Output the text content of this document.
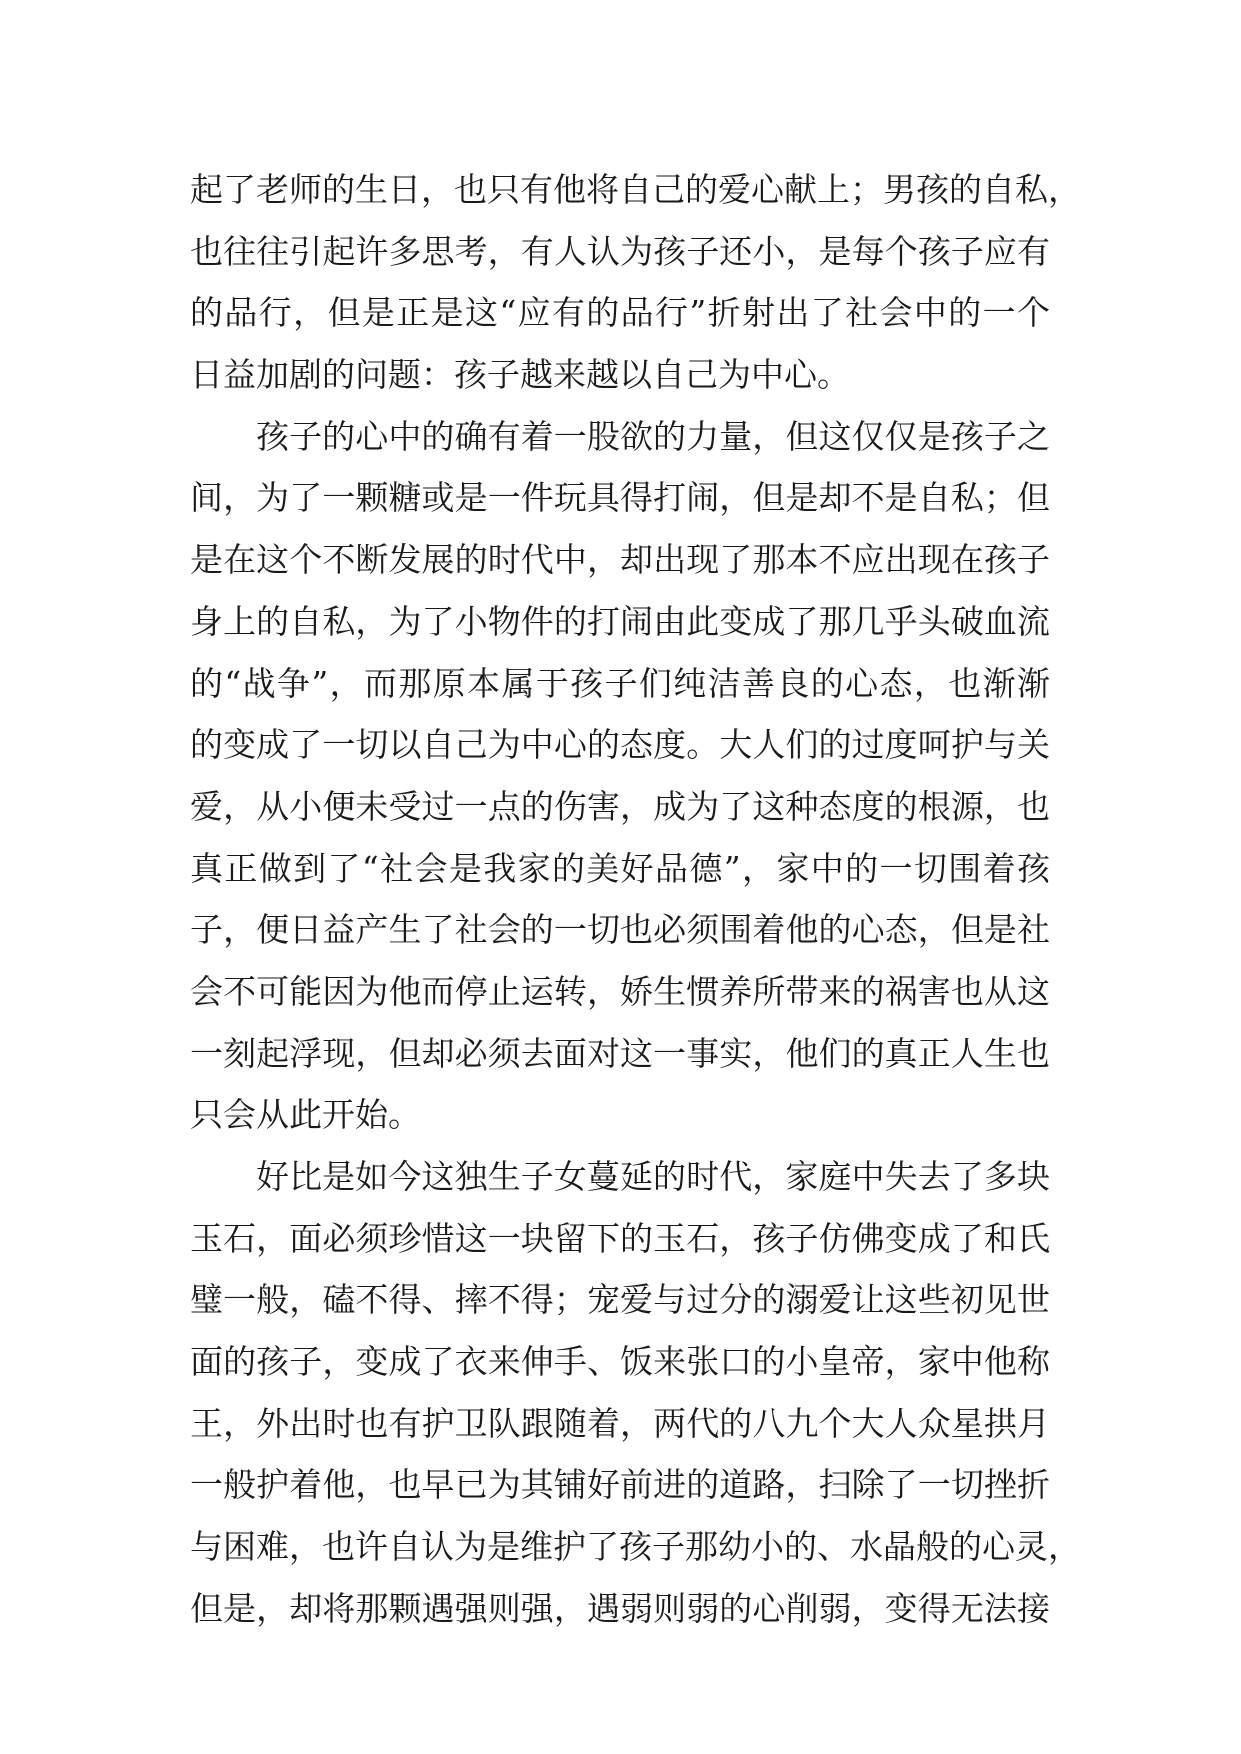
起了老师的生日，也只有他将自己的爱心献上；男孩的自私，
也往往引起许多思考，有人认为孩子还小，是每个孩子应有
的品行，但是正是这“应有的品行”折射出了社会中的一个
日益加剧的问题：孩子越来越以自己为中心。
孩子的心中的确有着一股欲的力量，但这仅仅是孩子之
间，为了一颗糖或是一件玩具得打闹，但是却不是自私；但
是在这个不断发展的时代中，却出现了那本不应出现在孩子
身上的自私，为了小物件的打闹由此变成了那几乎头破血流
的“战争”，而那原本属于孩子们纯洁善良的心态，也渐渐
的变成了一切以自己为中心的态度。大人们的过度呵护与关
爱，从小便未受过一点的伤害，成为了这种态度的根源，也
真正做到了“社会是我家的美好品德”，家中的一切围着孩
子，便日益产生了社会的一切也必须围着他的心态，但是社
会不可能因为他而停止运转，娇生惯养所带来的祸害也从这
一刻起浮现，但却必须去面对这一事实，他们的真正人生也
只会从此开始。
好比是如今这独生子女蔓延的时代，家庭中失去了多块
玉石，面必须珍惜这一块留下的玉石，孩子仿佛变成了和氏
璧一般，磕不得、摔不得；宠爱与过分的溺爱让这些初见世
面的孩子，变成了衣来伸手、饭来张口的小皇帝，家中他称
王，外出时也有护卫队跟随着，两代的八九个大人众星拱月
一般护着他，也早已为其铺好前进的道路，扫除了一切挫折
与困难，也许自认为是维护了孩子那幼小的、水晶般的心灵，
但是，却将那颗遇强则强，遇弱则弱的心削弱，变得无法接
